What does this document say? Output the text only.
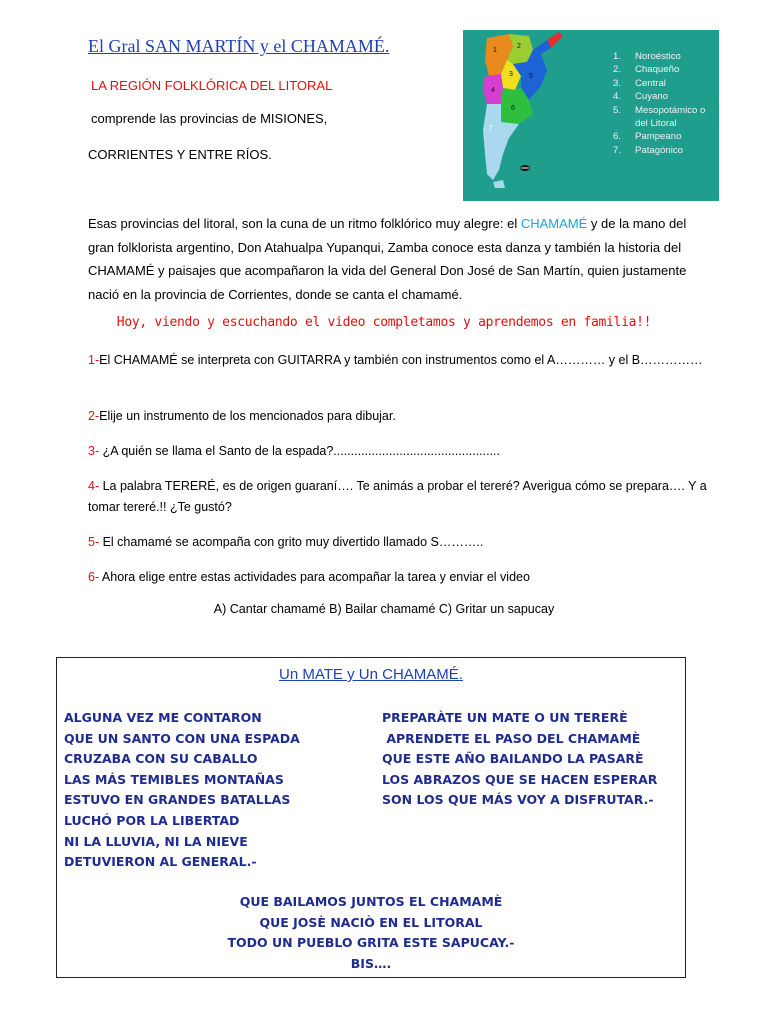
El Gral SAN MARTÍN y el CHAMAMÉ.
LA REGIÓN FOLKLÓRICA DEL LITORAL
comprende las provincias de MISIONES,
CORRIENTES Y ENTRE RÍOS.
1
2
3
4
5
6
7
1.	Noroéstico
2.	Chaqueño
3.	Central
4.	Cuyano
5.	Mesopotámico o
del Litoral
6.	Pampeano
7.	Patagónico
Esas provincias del litoral, son la cuna de un ritmo folklórico muy alegre: el CHAMAMÉ y de la mano del gran folklorista argentino, Don Atahualpa Yupanqui, Zamba conoce esta danza y también la historia del CHAMAMÉ y paisajes que acompañaron la vida del General Don José de San Martín, quien justamente nació en la provincia de Corrientes, donde se canta el chamamé.
Hoy, viendo y escuchando el video completamos y aprendemos en familia!!
1-El CHAMAMÉ se interpreta con GUITARRA y también con instrumentos como el A………… y el B……………
2-Elije un instrumento de los mencionados para dibujar.
3- ¿A quién se llama el Santo de la espada?................................................
4- La palabra TERERÉ, es de origen guaraní…. Te animás a probar el tereré? Averigua cómo se prepara…. Y a tomar tereré.!! ¿Te gustó?
5- El chamamé se acompaña con grito muy divertido llamado S………..
6- Ahora elige entre estas actividades para acompañar la tarea y enviar el video
A) Cantar chamamé B) Bailar chamamé C) Gritar un sapucay
Un MATE y Un CHAMAMÉ.
ALGUNA VEZ ME CONTARON
QUE UN SANTO CON UNA ESPADA
CRUZABA CON SU CABALLO
LAS MÁS TEMIBLES MONTAÑAS
ESTUVO EN GRANDES BATALLAS
LUCHÓ POR LA LIBERTAD
NI LA LLUVIA, NI LA NIEVE
DETUVIERON AL GENERAL.-
PREPARÀTE UN MATE O UN TERERÈ
APRENDETE EL PASO DEL CHAMAMÈ
QUE ESTE AÑO BAILANDO LA PASARÈ
LOS ABRAZOS QUE SE HACEN ESPERAR
SON LOS QUE MÁS VOY A DISFRUTAR.-
QUE BAILAMOS JUNTOS EL CHAMAMÈ
QUE JOSÈ NACIÒ EN EL LITORAL
TODO UN PUEBLO GRITA ESTE SAPUCAY.-
BIS….
